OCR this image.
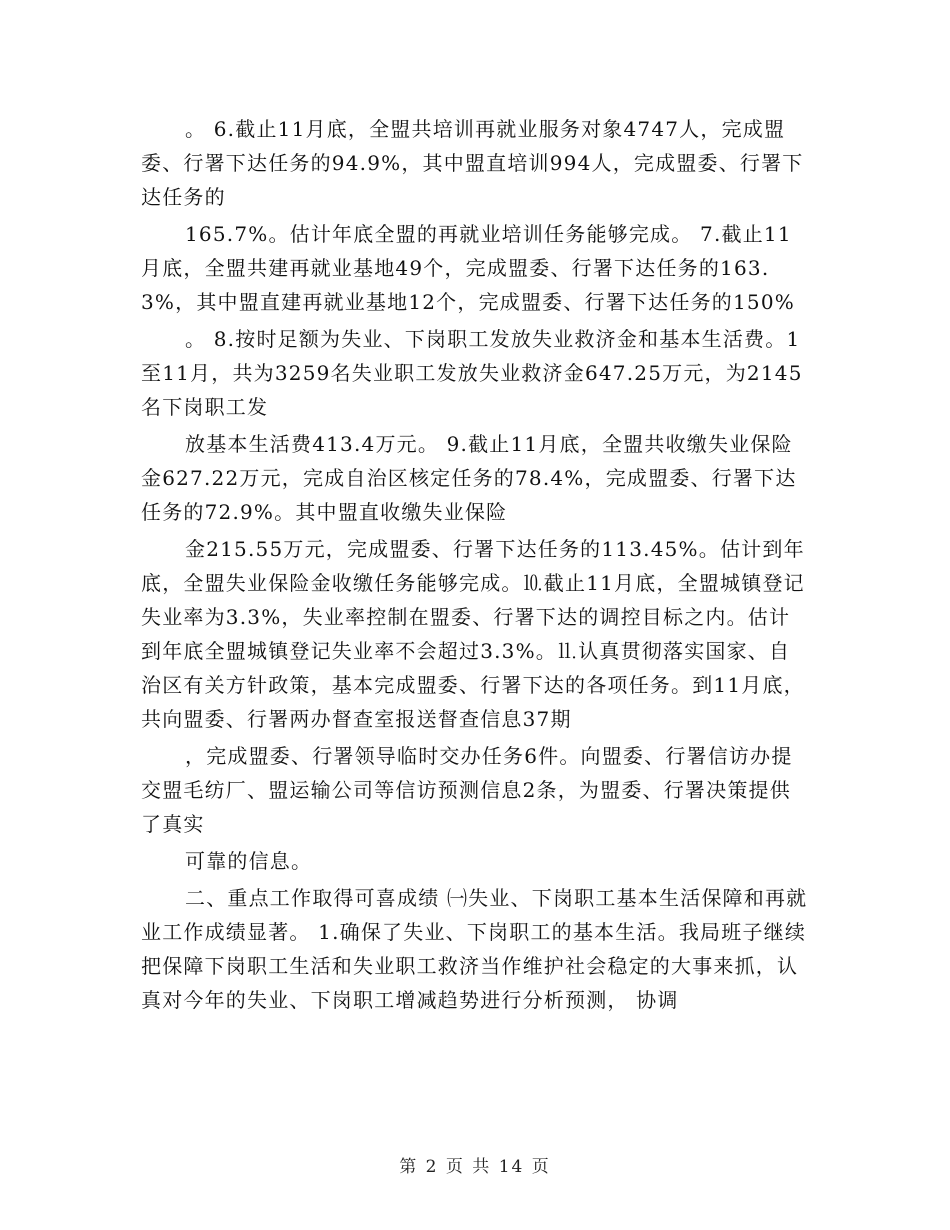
。 6.截止11月底，全盟共培训再就业服务对象4747人，完成盟委、行署下达任务的94.9%，其中盟直培训994人，完成盟委、行署下达任务的

165.7%。估计年底全盟的再就业培训任务能够完成。 7.截止11月底，全盟共建再就业基地49个，完成盟委、行署下达任务的163.3%，其中盟直建再就业基地12个，完成盟委、行署下达任务的150%

。 8.按时足额为失业、下岗职工发放失业救济金和基本生活费。1至11月，共为3259名失业职工发放失业救济金647.25万元，为2145名下岗职工发

放基本生活费413.4万元。 9.截止11月底，全盟共收缴失业保险金627.22万元，完成自治区核定任务的78.4%，完成盟委、行署下达任务的72.9%。其中盟直收缴失业保险

金215.55万元，完成盟委、行署下达任务的113.45%。估计到年底，全盟失业保险金收缴任务能够完成。⒑截止11月底，全盟城镇登记失业率为3.3%，失业率控制在盟委、行署下达的调控目标之内。估计到年底全盟城镇登记失业率不会超过3.3%。⒒认真贯彻落实国家、自治区有关方针政策，基本完成盟委、行署下达的各项任务。到11月底，共向盟委、行署两办督查室报送督查信息37期

，完成盟委、行署领导临时交办任务6件。向盟委、行署信访办提交盟毛纺厂、盟运输公司等信访预测信息2条，为盟委、行署决策提供了真实

可靠的信息。

二、重点工作取得可喜成绩 ㈠失业、下岗职工基本生活保障和再就业工作成绩显著。 1.确保了失业、下岗职工的基本生活。我局班子继续把保障下岗职工生活和失业职工救济当作维护社会稳定的大事来抓，认真对今年的失业、下岗职工增减趋势进行分析预测， 协调

第 2 页 共 14 页
